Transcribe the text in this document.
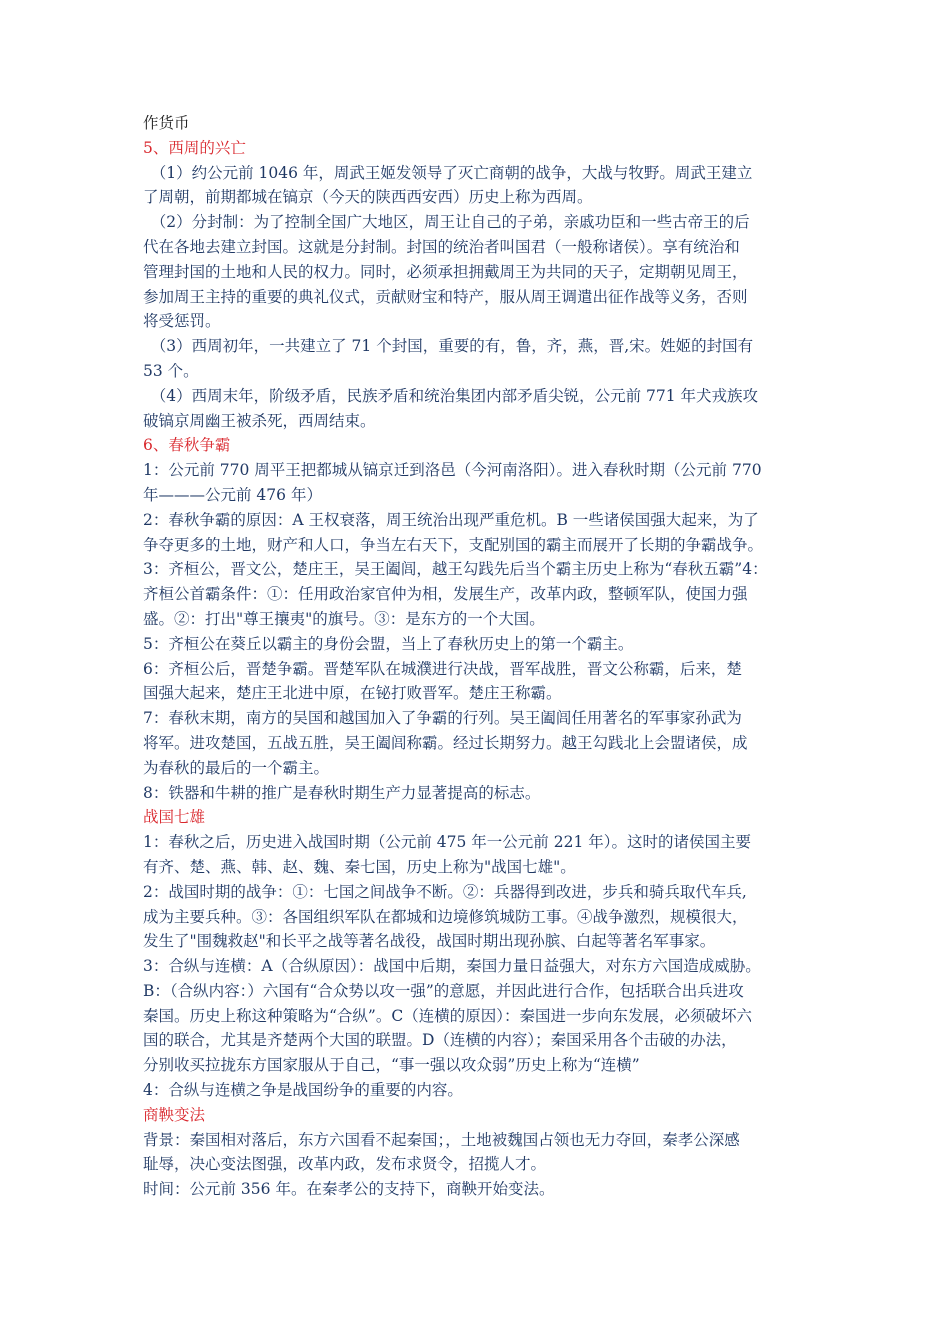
作货币
5、西周的兴亡
　（1）约公元前 1046 年，周武王姬发领导了灭亡商朝的战争，大战与牧野。周武王建立
了周朝，前期都城在镐京（今天的陕西西安西）历史上称为西周。
　（2）分封制：为了控制全国广大地区，周王让自己的子弟，亲戚功臣和一些古帝王的后
代在各地去建立封国。这就是分封制。封国的统治者叫国君（一般称诸侯）。享有统治和
管理封国的土地和人民的权力。同时，必须承担拥戴周王为共同的天子，定期朝见周王，
参加周王主持的重要的典礼仪式，贡献财宝和特产，服从周王调遣出征作战等义务，否则
将受惩罚。
　（3）西周初年，一共建立了 71 个封国，重要的有，鲁，齐，燕，晋,宋。姓姬的封国有
53 个。
　（4）西周末年，阶级矛盾，民族矛盾和统治集团内部矛盾尖锐，公元前 771 年犬戎族攻
破镐京周幽王被杀死，西周结束。
6、春秋争霸
1：公元前 770 周平王把都城从镐京迁到洛邑（今河南洛阳）。进入春秋时期（公元前 770
年———公元前 476 年）
2：春秋争霸的原因：A 王权衰落，周王统治出现严重危机。B 一些诸侯国强大起来，为了
争夺更多的土地，财产和人口，争当左右天下，支配别国的霸主而展开了长期的争霸战争。
3：齐桓公，晋文公，楚庄王，吴王阖闾，越王勾践先后当个霸主历史上称为“春秋五霸”4：
齐桓公首霸条件：①：任用政治家官仲为相，发展生产，改革内政，整顿军队，使国力强
盛。②：打出"尊王攘夷"的旗号。③：是东方的一个大国。
5：齐桓公在葵丘以霸主的身份会盟，当上了春秋历史上的第一个霸主。
6：齐桓公后，晋楚争霸。晋楚军队在城濮进行决战，晋军战胜，晋文公称霸，后来，楚
国强大起来，楚庄王北进中原，在铋打败晋军。楚庄王称霸。
7：春秋末期，南方的吴国和越国加入了争霸的行列。吴王阖闾任用著名的军事家孙武为
将军。进攻楚国，五战五胜，吴王阖闾称霸。经过长期努力。越王勾践北上会盟诸侯，成
为春秋的最后的一个霸主。
8：铁器和牛耕的推广是春秋时期生产力显著提高的标志。
战国七雄
1：春秋之后，历史进入战国时期（公元前 475 年一公元前 221 年）。这时的诸侯国主要
有齐、楚、燕、韩、赵、魏、秦七国，历史上称为"战国七雄"。
2：战国时期的战争：①：七国之间战争不断。②：兵器得到改进，步兵和骑兵取代车兵,
成为主要兵种。③：各国组织军队在都城和边境修筑城防工事。④战争激烈，规模很大，
发生了"围魏救赵"和长平之战等著名战役，战国时期出现孙膑、白起等著名军事家。
3：合纵与连横：A（合纵原因）：战国中后期，秦国力量日益强大，对东方六国造成威胁。
B：（合纵内容：）六国有“合众势以攻一强”的意愿，并因此进行合作，包括联合出兵进攻
秦国。历史上称这种策略为“合纵”。C（连横的原因）：秦国进一步向东发展，必须破坏六
国的联合，尤其是齐楚两个大国的联盟。D（连横的内容）；秦国采用各个击破的办法，
分别收买拉拢东方国家服从于自己，“事一强以攻众弱”历史上称为“连横”
4：合纵与连横之争是战国纷争的重要的内容。
商鞅变法
背景：秦国相对落后，东方六国看不起秦国；，土地被魏国占领也无力夺回，秦孝公深感
耻辱，决心变法图强，改革内政，发布求贤令，招揽人才。
时间：公元前 356 年。在秦孝公的支持下，商鞅开始变法。
